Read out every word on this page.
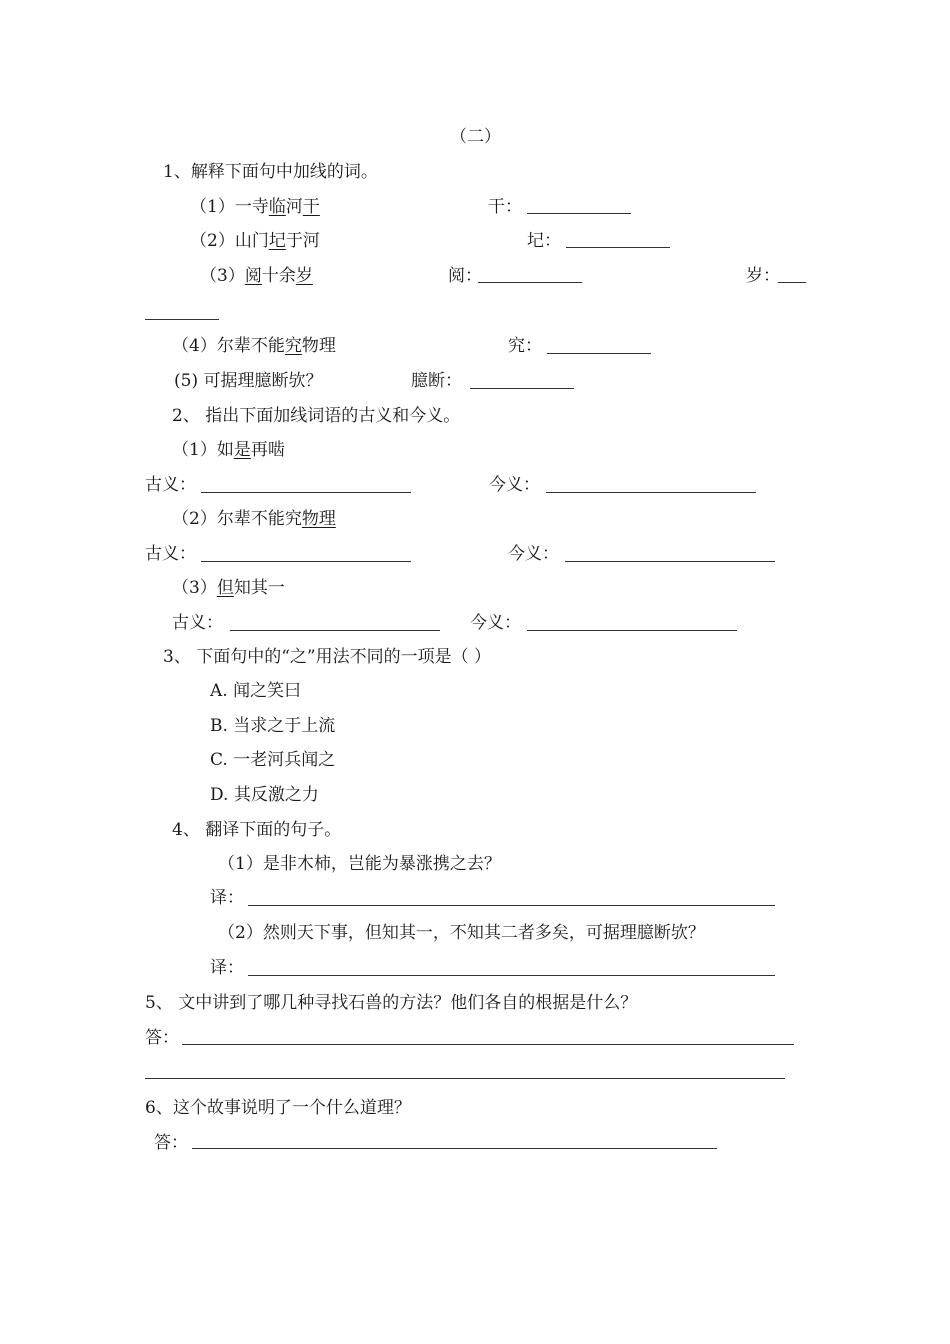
（二）
1、解释下面句中加线的词。
（1）一寺临河干	干：
（2）山门圮于河	圮：
（3）阅十余岁	阅：	岁：
（4）尔辈不能究物理	究：
(5) 可据理臆断欤？	臆断：
2、 指出下面加线词语的古义和今义。
（1）如是再啮
古义：	今义：
（2）尔辈不能究物理
古义：	今义：
（3）但知其一
古义：	今义：
3、 下面句中的“之”用法不同的一项是（ ）
A. 闻之笑曰
B. 当求之于上流
C. 一老河兵闻之
D. 其反激之力
4、 翻译下面的句子。
（1）是非木柿，岂能为暴涨携之去？
译：
（2）然则天下事，但知其一，不知其二者多矣，可据理臆断欤？
译：
5、 文中讲到了哪几种寻找石兽的方法？他们各自的根据是什么？
答：
6、这个故事说明了一个什么道理？
答：
